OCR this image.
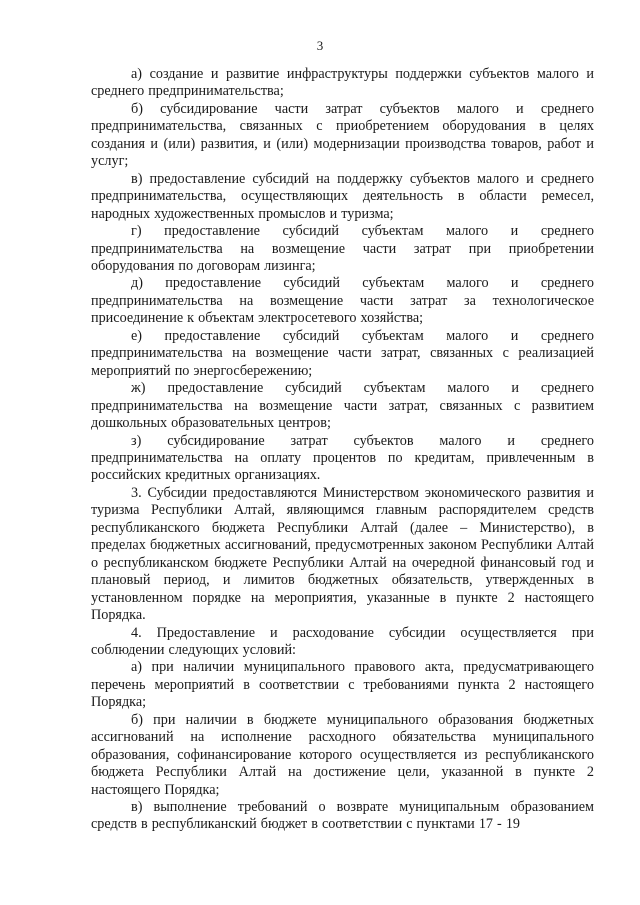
3

а) создание и развитие инфраструктуры поддержки субъектов малого и среднего предпринимательства;

б) субсидирование части затрат субъектов малого и среднего предпринимательства, связанных с приобретением оборудования в целях создания и (или) развития, и (или) модернизации производства товаров, работ и услуг;

в) предоставление субсидий на поддержку субъектов малого и среднего предпринимательства, осуществляющих деятельность в области ремесел, народных художественных промыслов и туризма;

г) предоставление субсидий субъектам малого и среднего предпринимательства на возмещение части затрат при приобретении оборудования по договорам лизинга;

д) предоставление субсидий субъектам малого и среднего предпринимательства на возмещение части затрат за технологическое присоединение к объектам электросетевого хозяйства;

е) предоставление субсидий субъектам малого и среднего предпринимательства на возмещение части затрат, связанных с реализацией мероприятий по энергосбережению;

ж) предоставление субсидий субъектам малого и среднего предпринимательства на возмещение части затрат, связанных с развитием дошкольных образовательных центров;

з) субсидирование затрат субъектов малого и среднего предпринимательства на оплату процентов по кредитам, привлеченным в российских кредитных организациях.

3. Субсидии предоставляются Министерством экономического развития и туризма Республики Алтай, являющимся главным распорядителем средств республиканского бюджета Республики Алтай (далее – Министерство), в пределах бюджетных ассигнований, предусмотренных законом Республики Алтай о республиканском бюджете Республики Алтай на очередной финансовый год и плановый период, и лимитов бюджетных обязательств, утвержденных в установленном порядке на мероприятия, указанные в пункте 2 настоящего Порядка.

4. Предоставление и расходование субсидии осуществляется при соблюдении следующих условий:

а) при наличии муниципального правового акта, предусматривающего перечень мероприятий в соответствии с требованиями пункта 2 настоящего Порядка;

б) при наличии в бюджете муниципального образования бюджетных ассигнований на исполнение расходного обязательства муниципального образования, софинансирование которого осуществляется из республиканского бюджета Республики Алтай на достижение цели, указанной в пункте 2 настоящего Порядка;

в) выполнение требований о возврате муниципальным образованием средств в республиканский бюджет в соответствии с пунктами 17 - 19
